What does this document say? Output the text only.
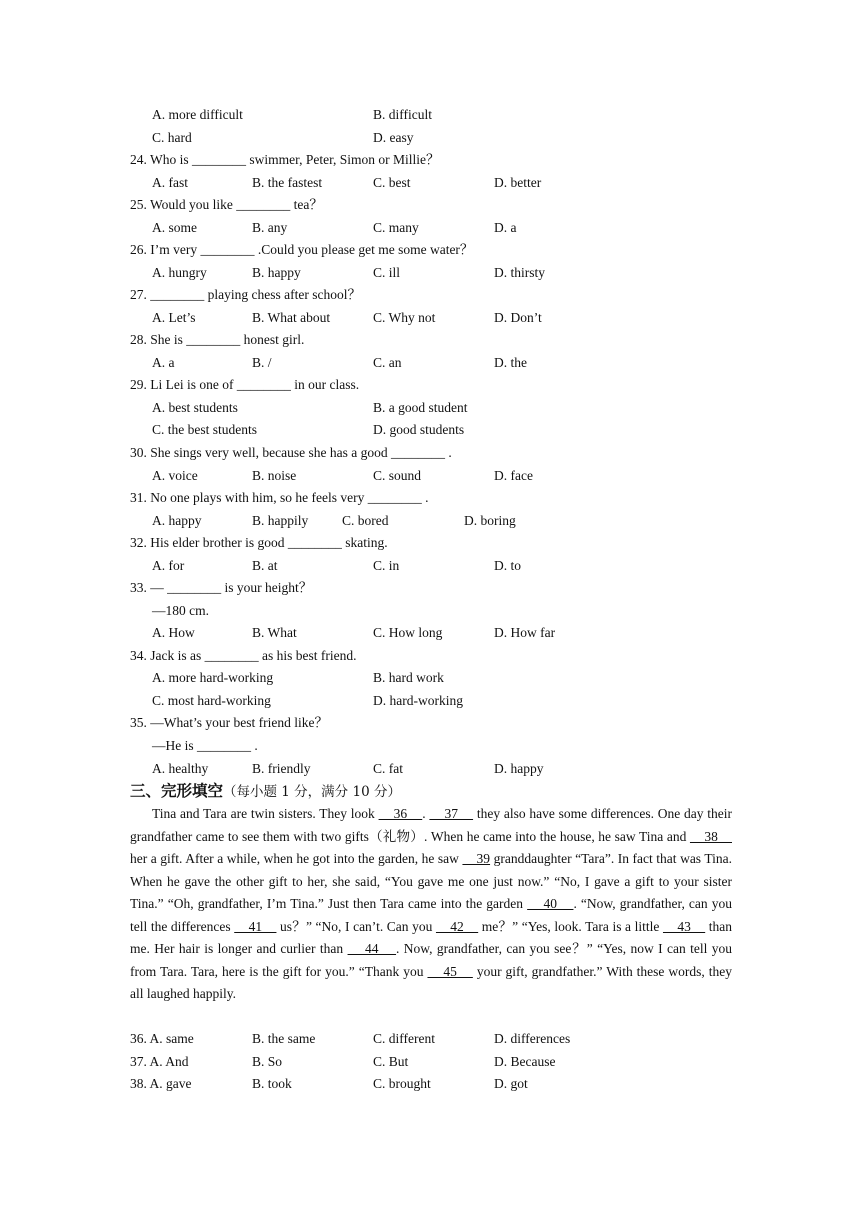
A. more difficult	B. difficult
C. hard	D. easy
24. Who is ________ swimmer, Peter, Simon or Millie？
A. fast	B. the fastest	C. best	D. better
25. Would you like ________ tea？
A. some	B. any	C. many	D. a
26. I’m very ________ .Could you please get me some water？
A. hungry	B. happy	C. ill	D. thirsty
27. ________ playing chess after school？
A. Let’s	B. What about	C. Why not	D. Don’t
28. She is ________ honest girl.
A. a	B. /	C. an	D. the
29. Li Lei is one of ________ in our class.
A. best students	B. a good student
C. the best students	D. good students
30. She sings very well, because she has a good ________ .
A. voice	B. noise	C. sound	D. face
31. No one plays with him, so he feels very ________ .
A. happy	B. happily	C. bored	D. boring
32. His elder brother is good ________ skating.
A. for	B. at	C. in	D. to
33. — ________ is your height？
—180 cm.
A. How	B. What	C. How long	D. How far
34. Jack is as ________ as his best friend.
A. more hard-working	B. hard work
C. most hard-working	D. hard-working
35. —What’s your best friend like？
—He is ________ .
A. healthy	B. friendly	C. fat	D. happy
三、完形填空（每小题 1 分，满分 10 分）
Tina and Tara are twin sisters. They look     36    .     37     they also have some differences. One day their grandfather came to see them with two gifts（礼物）. When he came into the house, he saw Tina and     38     her a gift. After a while, when he got into the garden, he saw     39 granddaughter “Tara”. In fact that was Tina. When he gave the other gift to her, she said, “You gave me one just now.” “No, I gave a gift to your sister Tina.” “Oh, grandfather, I’m Tina.” Just then Tara came into the garden     40    . “Now, grandfather, can you tell the differences     41     us？” “No, I can’t. Can you     42     me？” “Yes, look. Tara is a little     43     than me. Her hair is longer and curlier than     44    . Now, grandfather, can you see？” “Yes, now I can tell you from Tara. Tara, here is the gift for you.” “Thank you     45     your gift, grandfather.” With these words, they all laughed happily.
36. A. same	B. the same	C. different	D. differences
37. A. And	B. So	C. But	D. Because
38. A. gave	B. took	C. brought	D. got
